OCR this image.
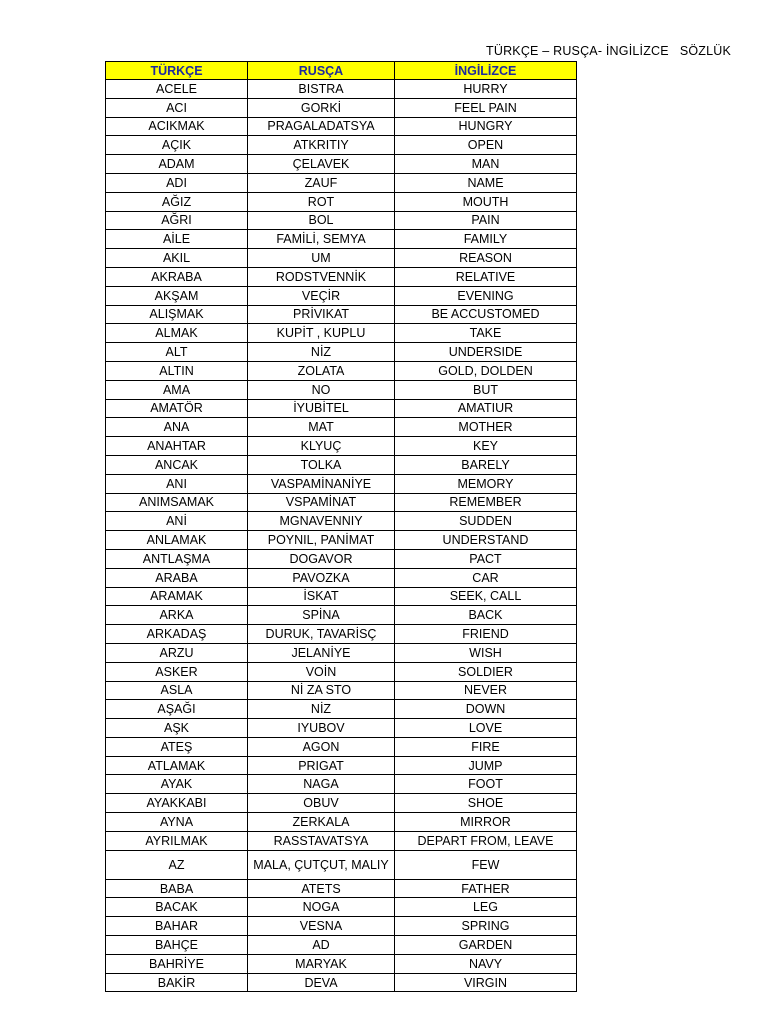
TÜRKÇE – RUSÇA- İNGİLİZCE   SÖZLÜK
TÜRKÇE	RUSÇA	İNGİLİZCE
ACELE	BISTRA	HURRY
ACI	GORKİ	FEEL PAIN
ACIKMAK	PRAGALADATSYA	HUNGRY
AÇIK	ATKRITIY	OPEN
ADAM	ÇELAVEK	MAN
ADI	ZAUF	NAME
AĞIZ	ROT	MOUTH
AĞRI	BOL	PAIN
AİLE	FAMİLİ, SEMYA	FAMILY
AKIL	UM	REASON
AKRABA	RODSTVENNİK	RELATIVE
AKŞAM	VEÇİR	EVENING
ALIŞMAK	PRİVIKAT	BE ACCUSTOMED
ALMAK	KUPİT , KUPLU	TAKE
ALT	NİZ	UNDERSIDE
ALTIN	ZOLATA	GOLD, DOLDEN
AMA	NO	BUT
AMATÖR	İYUBİTEL	AMATIUR
ANA	MAT	MOTHER
ANAHTAR	KLYUÇ	KEY
ANCAK	TOLKA	BARELY
ANI	VASPAMİNANİYE	MEMORY
ANIMSAMAK	VSPAMİNAT	REMEMBER
ANİ	MGNAVENNIY	SUDDEN
ANLAMAK	POYNIL, PANİMAT	UNDERSTAND
ANTLAŞMA	DOGAVOR	PACT
ARABA	PAVOZKA	CAR
ARAMAK	İSKAT	SEEK, CALL
ARKA	SPİNA	BACK
ARKADAŞ	DURUK, TAVARİSÇ	FRIEND
ARZU	JELANİYE	WISH
ASKER	VOİN	SOLDIER
ASLA	Nİ ZA STO	NEVER
AŞAĞI	NİZ	DOWN
AŞK	IYUBOV	LOVE
ATEŞ	AGON	FIRE
ATLAMAK	PRIGAT	JUMP
AYAK	NAGA	FOOT
AYAKKABI	OBUV	SHOE
AYNA	ZERKALA	MIRROR
AYRILMAK	RASSTAVATSYA	DEPART FROM, LEAVE
AZ	MALA, ÇUTÇUT, MALIY	FEW
BABA	ATETS	FATHER
BACAK	NOGA	LEG
BAHAR	VESNA	SPRING
BAHÇE	AD	GARDEN
BAHRİYE	MARYAK	NAVY
BAKİR	DEVA	VIRGIN
